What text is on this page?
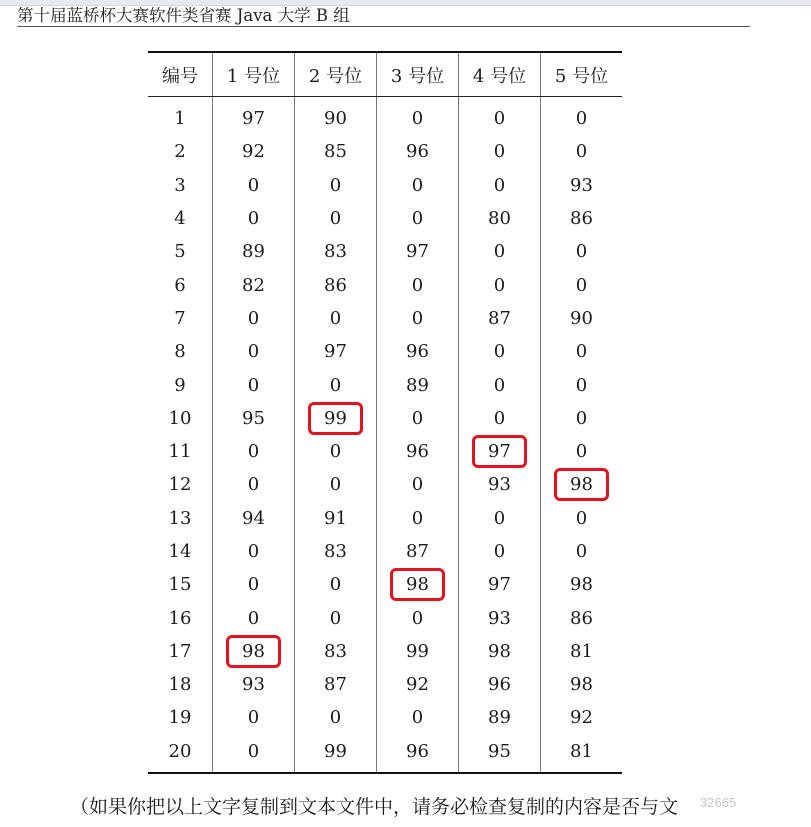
第十届蓝桥杯大赛软件类省赛 Java 大学 B 组
编号	1 号位	2 号位	3 号位	4 号位	5 号位
1	97	90	0	0	0
2	92	85	96	0	0
3	0	0	0	0	93
4	0	0	0	80	86
5	89	83	97	0	0
6	82	86	0	0	0
7	0	0	0	87	90
8	0	97	96	0	0
9	0	0	89	0	0
10	95	99	0	0	0
11	0	0	96	97	0
12	0	0	0	93	98
13	94	91	0	0	0
14	0	83	87	0	0
15	0	0	98	97	98
16	0	0	0	93	86
17	98	83	99	98	81
18	93	87	92	96	98
19	0	0	0	89	92
20	0	99	96	95	81
（如果你把以上文字复制到文本文件中，请务必检查复制的内容是否与文 32665
